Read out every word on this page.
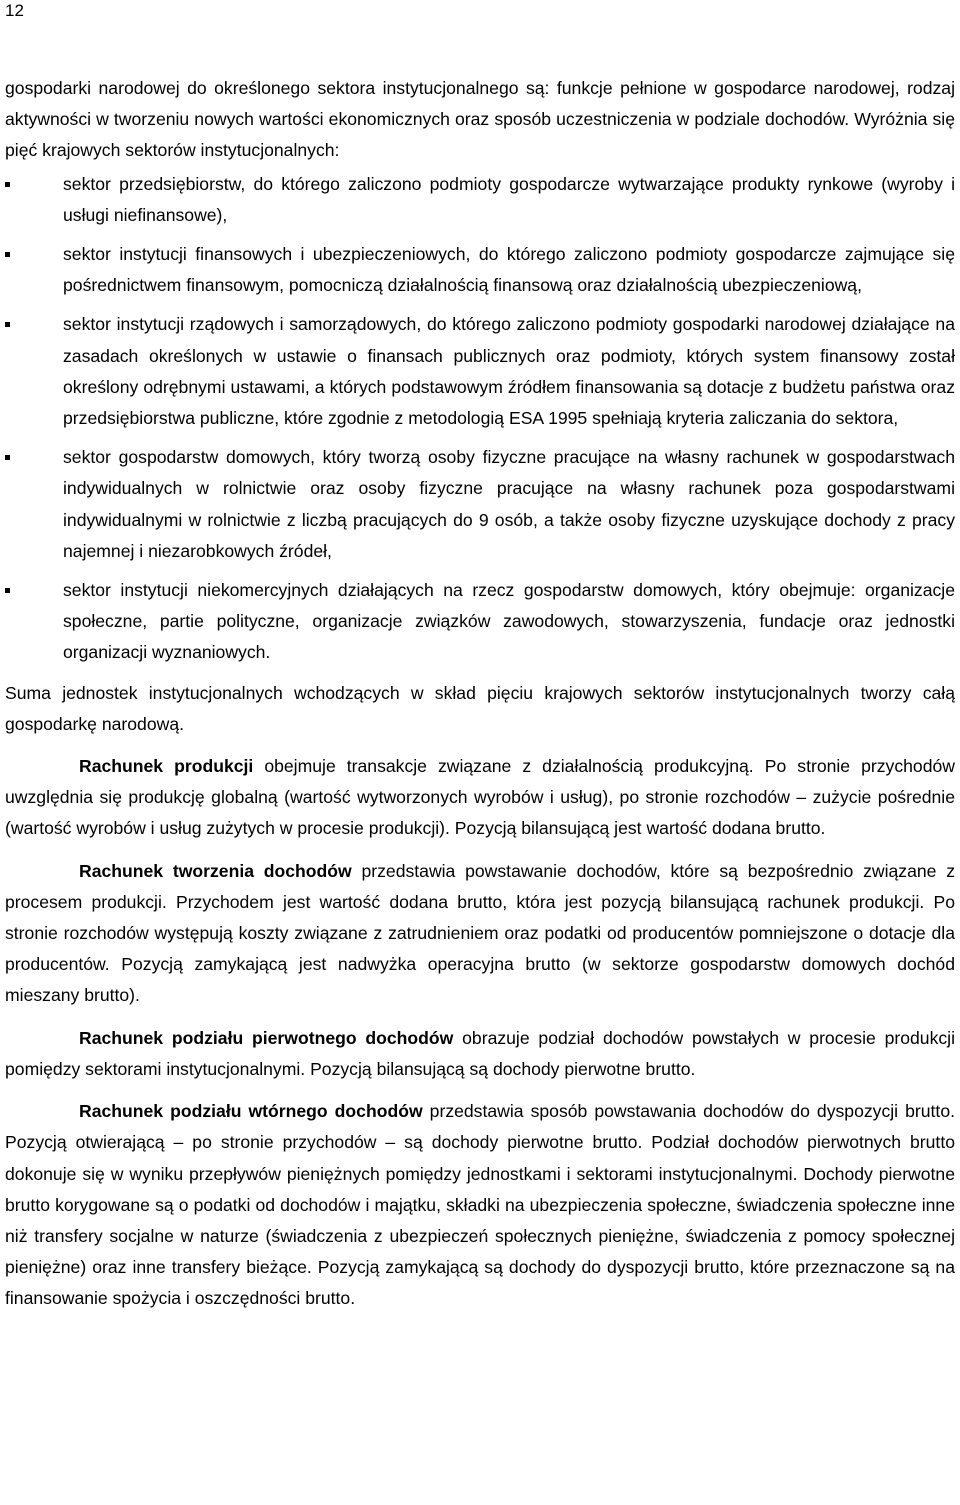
12

gospodarki narodowej do określonego sektora instytucjonalnego są: funkcje pełnione w gospodarce narodowej, rodzaj aktywności w tworzeniu nowych wartości ekonomicznych oraz sposób uczestniczenia w podziale dochodów. Wyróżnia się pięć krajowych sektorów instytucjonalnych:

sektor przedsiębiorstw, do którego zaliczono podmioty gospodarcze wytwarzające produkty rynkowe (wyroby i usługi niefinansowe),
sektor instytucji finansowych i ubezpieczeniowych, do którego zaliczono podmioty gospodarcze zajmujące się pośrednictwem finansowym, pomocniczą działalnością finansową oraz działalnością ubezpieczeniową,
sektor instytucji rządowych i samorządowych, do którego zaliczono podmioty gospodarki narodowej działające na zasadach określonych w ustawie o finansach publicznych oraz podmioty, których system finansowy został określony odrębnymi ustawami, a których podstawowym źródłem finansowania są dotacje z budżetu państwa oraz przedsiębiorstwa publiczne, które zgodnie z metodologią ESA 1995 spełniają kryteria zaliczania do sektora,
sektor gospodarstw domowych, który tworzą osoby fizyczne pracujące na własny rachunek w gospodarstwach indywidualnych w rolnictwie oraz osoby fizyczne pracujące na własny rachunek poza gospodarstwami indywidualnymi w rolnictwie z liczbą pracujących do 9 osób, a także osoby fizyczne uzyskujące dochody z pracy najemnej i niezarobkowych źródeł,
sektor instytucji niekomercyjnych działających na rzecz gospodarstw domowych, który obejmuje: organizacje społeczne, partie polityczne, organizacje związków zawodowych, stowarzyszenia, fundacje oraz jednostki organizacji wyznaniowych.

Suma jednostek instytucjonalnych wchodzących w skład pięciu krajowych sektorów instytucjonalnych tworzy całą gospodarkę narodową.

Rachunek produkcji obejmuje transakcje związane z działalnością produkcyjną. Po stronie przychodów uwzględnia się produkcję globalną (wartość wytworzonych wyrobów i usług), po stronie rozchodów – zużycie pośrednie (wartość wyrobów i usług zużytych w procesie produkcji). Pozycją bilansującą jest wartość dodana brutto.

Rachunek tworzenia dochodów przedstawia powstawanie dochodów, które są bezpośrednio związane z procesem produkcji. Przychodem jest wartość dodana brutto, która jest pozycją bilansującą rachunek produkcji. Po stronie rozchodów występują koszty związane z zatrudnieniem oraz podatki od producentów pomniejszone o dotacje dla producentów. Pozycją zamykającą jest nadwyżka operacyjna brutto (w sektorze gospodarstw domowych dochód mieszany brutto).

Rachunek podziału pierwotnego dochodów obrazuje podział dochodów powstałych w procesie produkcji pomiędzy sektorami instytucjonalnymi. Pozycją bilansującą są dochody pierwotne brutto.

Rachunek podziału wtórnego dochodów przedstawia sposób powstawania dochodów do dyspozycji brutto. Pozycją otwierającą – po stronie przychodów – są dochody pierwotne brutto. Podział dochodów pierwotnych brutto dokonuje się w wyniku przepływów pieniężnych pomiędzy jednostkami i sektorami instytucjonalnymi. Dochody pierwotne brutto korygowane są o podatki od dochodów i majątku, składki na ubezpieczenia społeczne, świadczenia społeczne inne niż transfery socjalne w naturze (świadczenia z ubezpieczeń społecznych pieniężne, świadczenia z pomocy społecznej pieniężne) oraz inne transfery bieżące. Pozycją zamykającą są dochody do dyspozycji brutto, które przeznaczone są na finansowanie spożycia i oszczędności brutto.
